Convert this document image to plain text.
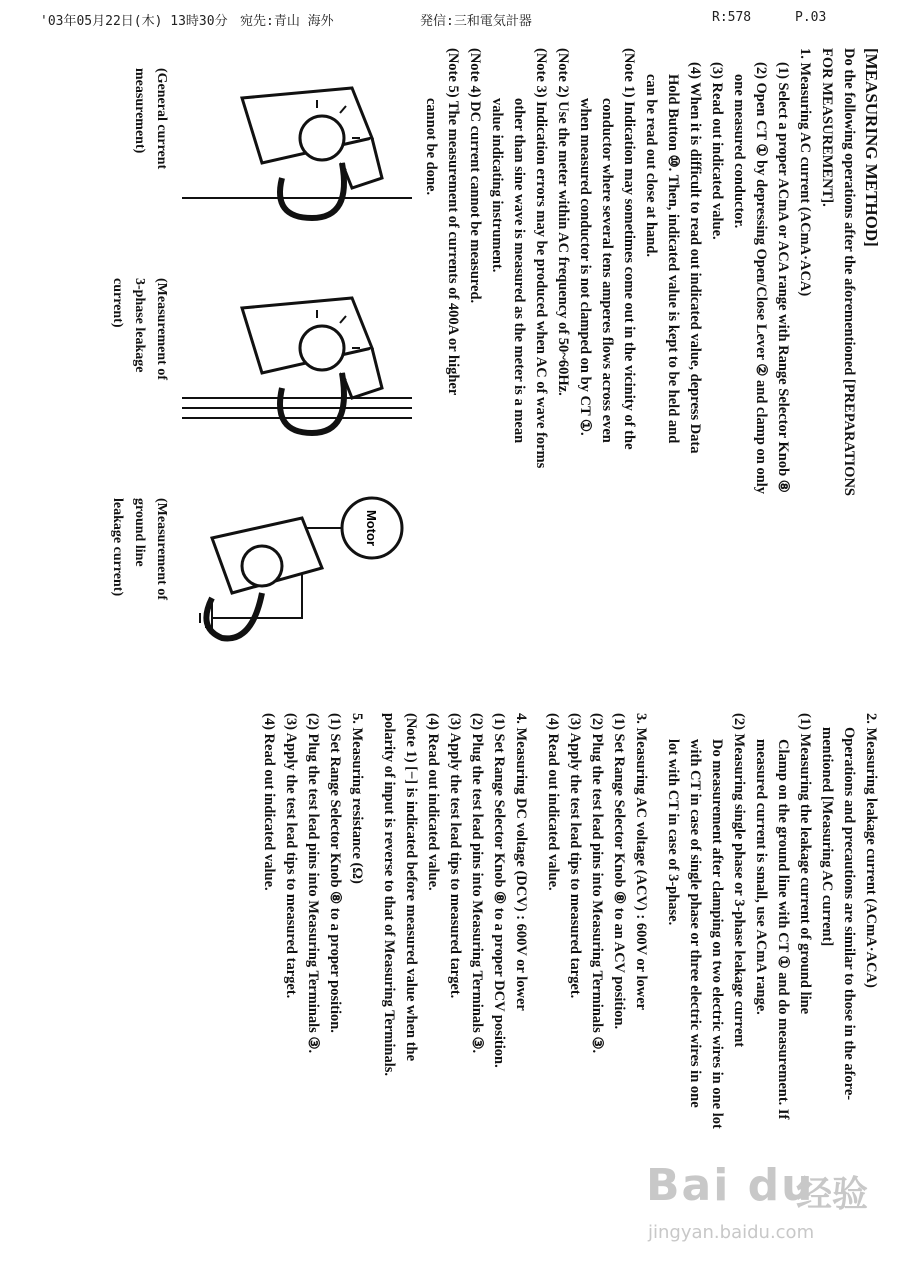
'03年05月22日(木) 13時30分 宛先:青山 海外	発信:三和電気計器	R:578	P.03
[MEASURING METHOD]
Do the following operations after the aforementioned [PREPARATIONS
FOR MEASUREMENT].
1. Measuring AC current (ACmA·ACA)
(1) Select a proper ACmA or ACA range with Range Selector Knob ⑧
(2) Open CT ① by depressing Open/Close Lever ② and clamp on only
one measured conductor.
(3) Read out indicated value.
(4) When it is difficult to read out indicated value, depress Data
Hold Button ⑩. Then, indicated value is kept to be held and
can be read out close at hand.
(Note 1) Indication may sometimes come out in the vicinity of the
conductor where several tens amperes flows across even
when measured conductor is not clamped on by CT ①.
(Note 2) Use the meter within AC frequency of 50~60Hz.
(Note 3) Indication errors may be produced when AC of wave forms
other than sine wave is measured as the meter is a mean
value indicating instrument.
(Note 4) DC current cannot be measured.
(Note 5) The measurement of currents of 400A or higher
cannot be done.
(General current
measurement)
(Measurement of
3-phase leakage
current)
Motor
(Measurement of
ground line
leakage current)
2. Measuring leakage current (ACmA·ACA)
Operations and precautions are similar to those in the afore-
mentioned [Measuring AC current]
(1) Measuring the leakage current of ground line
Clamp on the ground line with CT ① and do measurement. If
measured current is small, use ACmA range.
(2) Measuring single phase or 3-phase leakage current
Do measurement after clamping on two electric wires in one lot
with CT in case of single phase or three electric wires in one
lot with CT in case of 3-phase.
3. Measuring AC voltage (ACV) : 600V or lower
(1) Set Range Selector Knob ⑧ to an ACV position.
(2) Plug the test lead pins into Measuring Terminals ③.
(3) Apply the test lead tips to measured target.
(4) Read out indicated value.
4. Measuring DC voltage (DCV) : 600V or lower
(1) Set Range Selector Knob ⑧ to a proper DCV position.
(2) Plug the test lead pins into Measuring Terminals ③.
(3) Apply the test lead tips to measured target.
(4) Read out indicated value.
(Note 1) [−] is indicated before measured value when the
polarity of input is reverse to that of Measuring Terminals.
5. Measuring resistance (Ω)
(1) Set Range Selector Knob ⑧ to a proper position.
(2) Plug the test lead pins into Measuring Terminals ③.
(3) Apply the test lead tips to measured target.
(4) Read out indicated value.
Bai du
经验
jingyan.baidu.com
